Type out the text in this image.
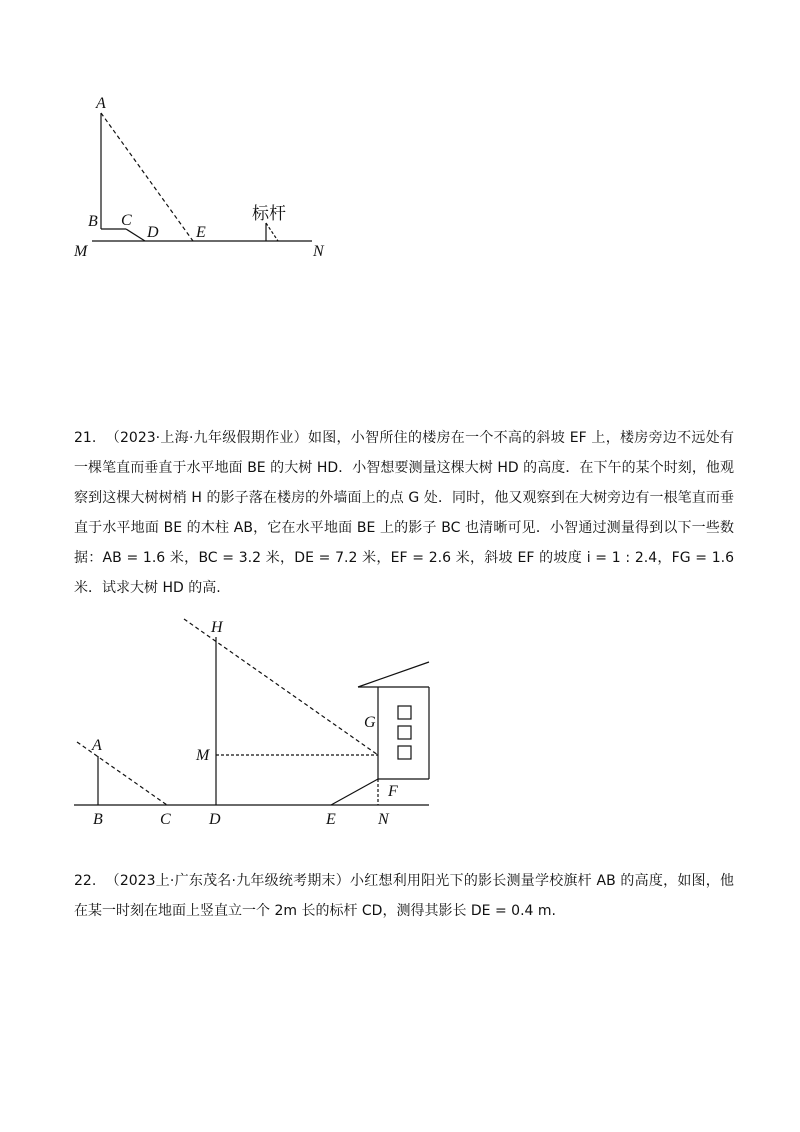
A
B C
D E
M	N
标杆

21. （2023·上海·九年级假期作业）如图，小智所住的楼房在一个不高的斜坡 EF 上，楼房旁边不远处有一棵笔直而垂直于水平地面 BE 的大树 HD．小智想要测量这棵大树 HD 的高度．在下午的某个时刻，他观察到这棵大树树梢 H 的影子落在楼房的外墙面上的点 G 处．同时，他又观察到在大树旁边有一根笔直而垂直于水平地面 BE 的木柱 AB，它在水平地面 BE 上的影子 BC 也清晰可见．小智通过测量得到以下一些数据：AB = 1.6 米，BC = 3.2 米，DE = 7.2 米，EF = 2.6 米，斜坡 EF 的坡度 i = 1 : 2.4，FG = 1.6 米．试求大树 HD 的高.

H
A
M
G
F
B	C D	E	N

22. （2023上·广东茂名·九年级统考期末）小红想利用阳光下的影长测量学校旗杆 AB 的高度，如图，他在某一时刻在地面上竖直立一个 2m 长的标杆 CD，测得其影长 DE = 0.4 m.
